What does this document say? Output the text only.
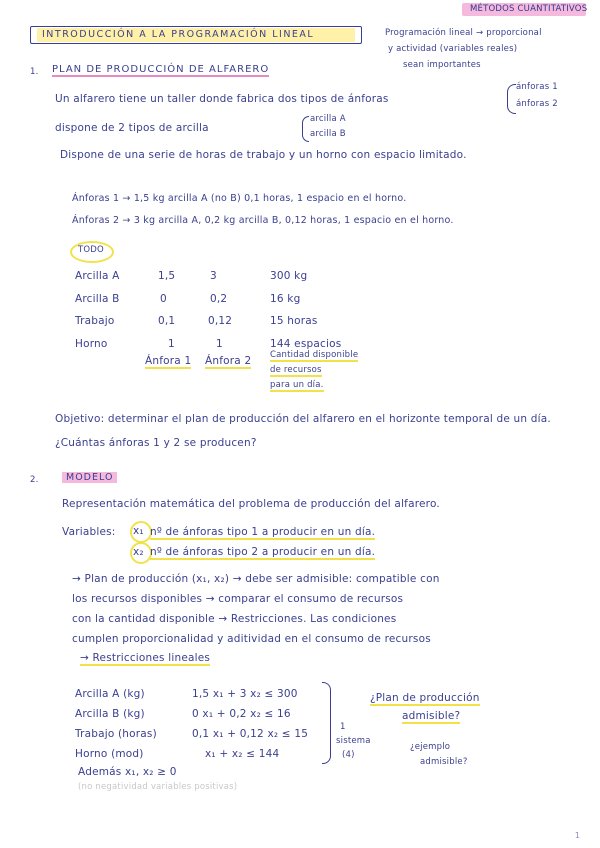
MÉTODOS CUANTITATIVOS
INTRODUCCIÓN A LA PROGRAMACIÓN LINEAL	Programación lineal → proporcional
y actividad (variables reales)
sean importantes
1. PLAN DE PRODUCCIÓN DE ALFARERO
Un alfarero tiene un taller donde fabrica dos tipos de ánforas
ánforas 1
ánforas 2
dispone de 2 tipos de arcilla
arcilla A
arcilla B
Dispone de una serie de horas de trabajo y un horno con espacio limitado.
Ánforas 1 → 1,5 kg arcilla A (no B) 0,1 horas, 1 espacio en el horno.
Ánforas 2 → 3 kg arcilla A, 0,2 kg arcilla B, 0,12 horas, 1 espacio en el horno.
TODO
Arcilla A	1,5	3	300 kg
Arcilla B	0	0,2	16 kg
Trabajo	0,1	0,12	15 horas
Horno	1	1	144 espacios
Ánfora 1 Ánfora 2 Cantidad disponible
de recursos
para un día.
Objetivo: determinar el plan de producción del alfarero en el horizonte temporal de un día. ¿Cuántas ánforas 1 y 2 se producen?
2.	MODELO
Representación matemática del problema de producción del alfarero.
Variables: x₁ nº de ánforas tipo 1 a producir en un día.
x₂ nº de ánforas tipo 2 a producir en un día.
→ Plan de producción (x₁, x₂) → debe ser admisible: compatible con
los recursos disponibles → comparar el consumo de recursos
con la cantidad disponible → Restricciones. Las condiciones
cumplen proporcionalidad y aditividad en el consumo de recursos
→ Restricciones lineales
Arcilla A (kg)	1,5 x₁ + 3 x₂ ≤ 300
Arcilla B (kg)	0 x₁ + 0,2 x₂ ≤ 16
Trabajo (horas)	0,1 x₁ + 0,12 x₂ ≤ 15
Horno (mod)	x₁ + x₂ ≤ 144
1
sistema
(4)
¿Plan de producción
admisible?
¿ejemplo
admisible?
Además x₁, x₂ ≥ 0
(no negatividad variables positivas)
1
